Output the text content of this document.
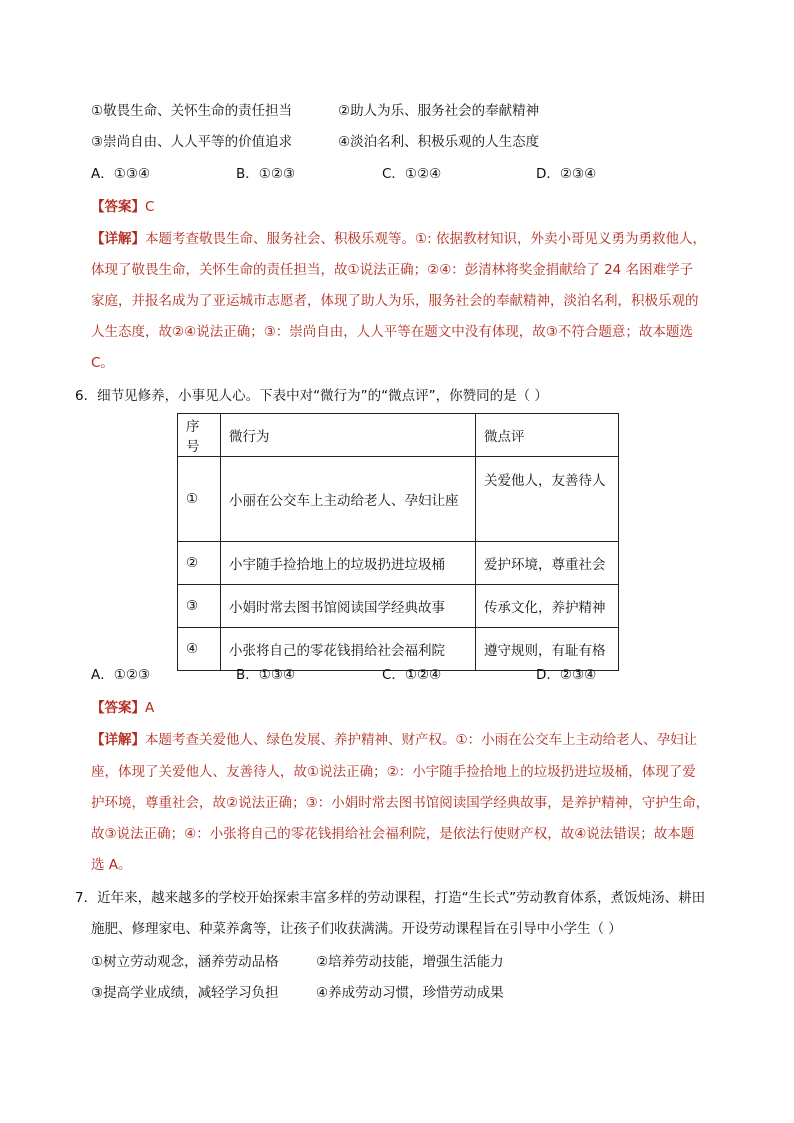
①敬畏生命、关怀生命的责任担当	②助人为乐、服务社会的奉献精神
③崇尚自由、人人平等的价值追求	④淡泊名利、积极乐观的人生态度
A．①③④	B．①②③	C．①②④	D．②③④
【答案】C
【详解】本题考查敬畏生命、服务社会、积极乐观等。①: 依据教材知识，外卖小哥见义勇为勇救他人，
体现了敬畏生命，关怀生命的责任担当，故①说法正确；②④：彭清林将奖金捐献给了 24 名困难学子
家庭，并报名成为了亚运城市志愿者，体现了助人为乐，服务社会的奉献精神，淡泊名利，积极乐观的
人生态度，故②④说法正确；③：崇尚自由，人人平等在题文中没有体现，故③不符合题意；故本题选
C。
6．细节见修养，小事见人心。下表中对“微行为”的“微点评”，你赞同的是（ ）
序号	微行为	微点评
①	小丽在公交车上主动给老人、孕妇让座	关爱他人，友善待人
②	小宇随手捡拾地上的垃圾扔进垃圾桶	爱护环境，尊重社会
③	小娟时常去图书馆阅读国学经典故事	传承文化，养护精神
④	小张将自己的零花钱捐给社会福利院	遵守规则，有耻有格
A．①②③	B．①③④	C．①②④	D．②③④
【答案】A
【详解】本题考查关爱他人、绿色发展、养护精神、财产权。①：小雨在公交车上主动给老人、孕妇让
座，体现了关爱他人、友善待人，故①说法正确；②：小宇随手捡拾地上的垃圾扔进垃圾桶，体现了爱
护环境，尊重社会，故②说法正确；③：小娟时常去图书馆阅读国学经典故事，是养护精神，守护生命，
故③说法正确；④：小张将自己的零花钱捐给社会福利院，是依法行使财产权，故④说法错误；故本题
选 A。
7．近年来，越来越多的学校开始探索丰富多样的劳动课程，打造“生长式”劳动教育体系，煮饭炖汤、耕田
施肥、修理家电、种菜养禽等，让孩子们收获满满。开设劳动课程旨在引导中小学生（ ）
①树立劳动观念，涵养劳动品格	②培养劳动技能，增强生活能力
③提高学业成绩，减轻学习负担	④养成劳动习惯，珍惜劳动成果
